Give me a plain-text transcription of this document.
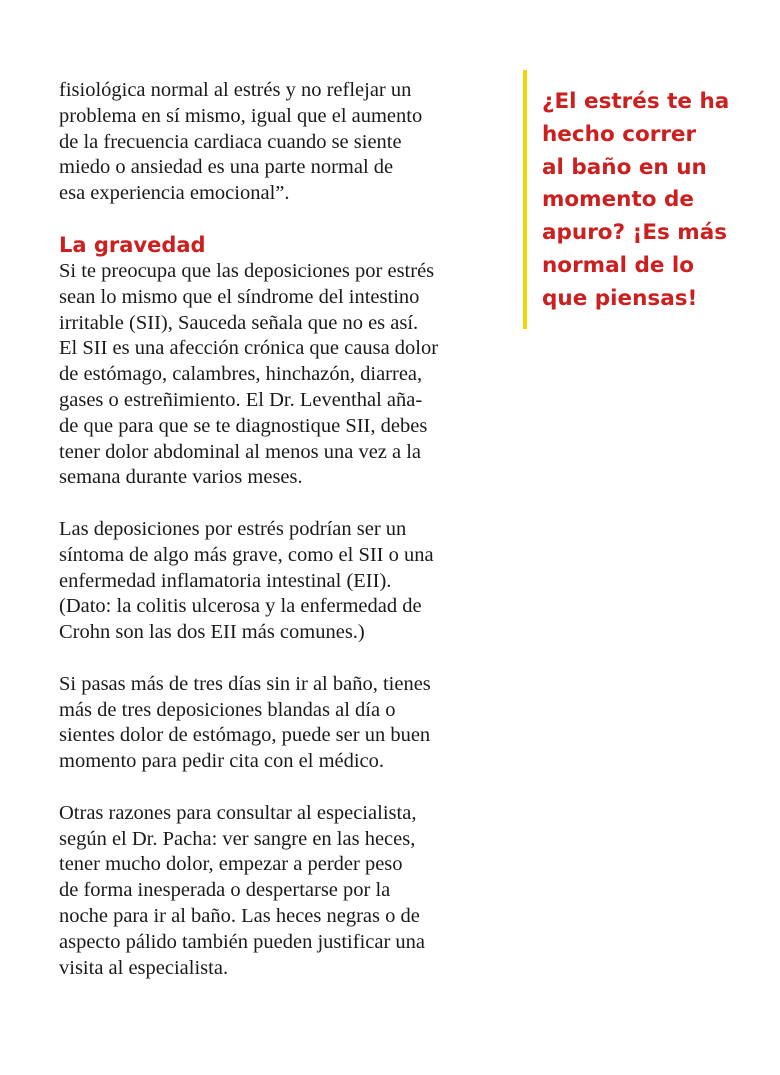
fisiológica normal al estrés y no reflejar un
problema en sí mismo, igual que el aumento
de la frecuencia cardiaca cuando se siente
miedo o ansiedad es una parte normal de
esa experiencia emocional”.
La gravedad
Si te preocupa que las deposiciones por estrés
sean lo mismo que el síndrome del intestino
irritable (SII), Sauceda señala que no es así.
El SII es una afección crónica que causa dolor
de estómago, calambres, hinchazón, diarrea,
gases o estreñimiento. El Dr. Leventhal aña-
de que para que se te diagnostique SII, debes
tener dolor abdominal al menos una vez a la
semana durante varios meses.
Las deposiciones por estrés podrían ser un
síntoma de algo más grave, como el SII o una
enfermedad inflamatoria intestinal (EII).
(Dato: la colitis ulcerosa y la enfermedad de
Crohn son las dos EII más comunes.)
Si pasas más de tres días sin ir al baño, tienes
más de tres deposiciones blandas al día o
sientes dolor de estómago, puede ser un buen
momento para pedir cita con el médico.
Otras razones para consultar al especialista,
según el Dr. Pacha: ver sangre en las heces,
tener mucho dolor, empezar a perder peso
de forma inesperada o despertarse por la
noche para ir al baño. Las heces negras o de
aspecto pálido también pueden justificar una
visita al especialista.
¿El estrés te ha
hecho correr
al baño en un
momento de
apuro? ¡Es más
normal de lo
que piensas!
